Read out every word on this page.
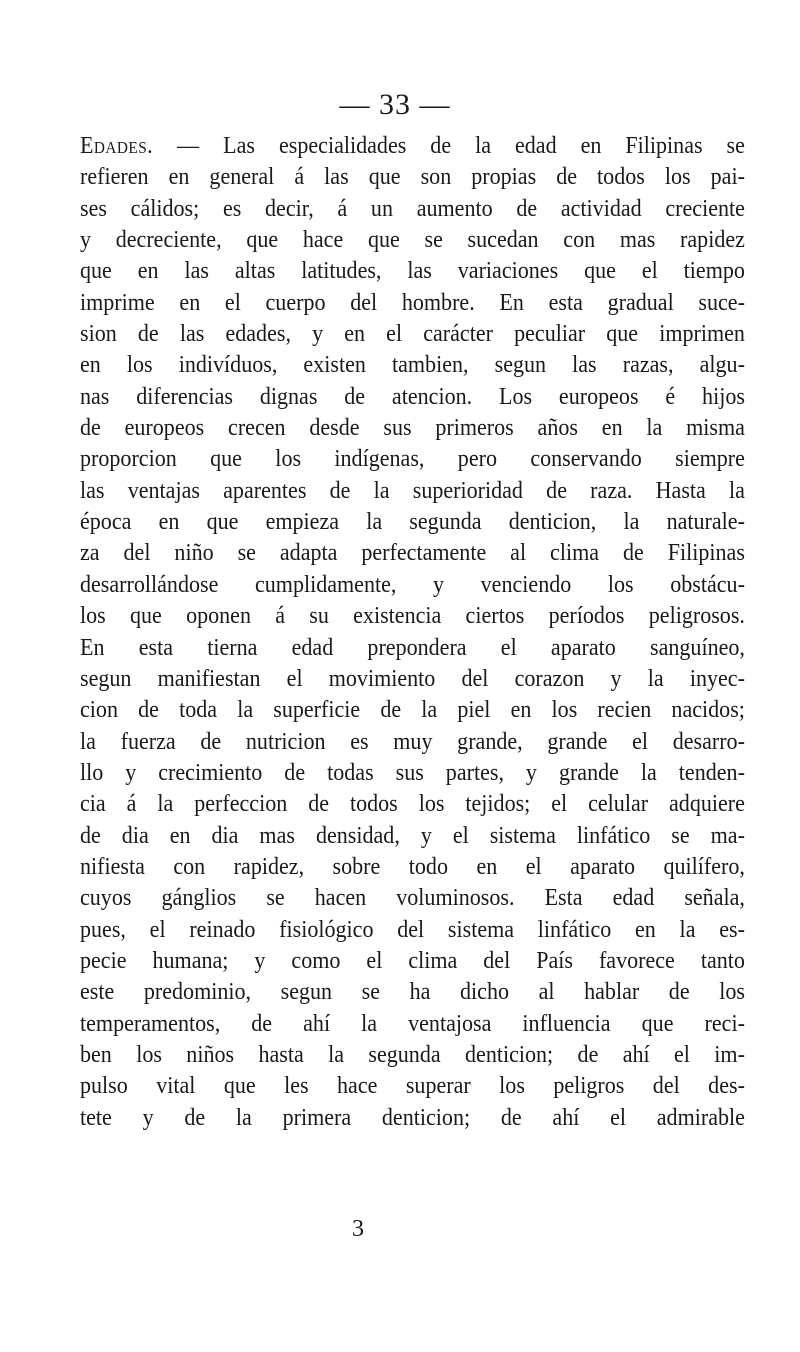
— 33 —
Edades. — Las especialidades de la edad en Filipinas se
refieren en general á las que son propias de todos los pai-
ses cálidos; es decir, á un aumento de actividad creciente
y decreciente, que hace que se sucedan con mas rapidez
que en las altas latitudes, las variaciones que el tiempo
imprime en el cuerpo del hombre. En esta gradual suce-
sion de las edades, y en el carácter peculiar que imprimen
en los indivíduos, existen tambien, segun las razas, algu-
nas diferencias dignas de atencion. Los europeos é hijos
de europeos crecen desde sus primeros años en la misma
proporcion que los indígenas, pero conservando siempre
las ventajas aparentes de la superioridad de raza. Hasta la
época en que empieza la segunda denticion, la naturale-
za del niño se adapta perfectamente al clima de Filipinas
desarrollándose cumplidamente, y venciendo los obstácu-
los que oponen á su existencia ciertos períodos peligrosos.
En esta tierna edad prepondera el aparato sanguíneo,
segun manifiestan el movimiento del corazon y la inyec-
cion de toda la superficie de la piel en los recien nacidos;
la fuerza de nutricion es muy grande, grande el desarro-
llo y crecimiento de todas sus partes, y grande la tenden-
cia á la perfeccion de todos los tejidos; el celular adquiere
de dia en dia mas densidad, y el sistema linfático se ma-
nifiesta con rapidez, sobre todo en el aparato quilífero,
cuyos gánglios se hacen voluminosos. Esta edad señala,
pues, el reinado fisiológico del sistema linfático en la es-
pecie humana; y como el clima del País favorece tanto
este predominio, segun se ha dicho al hablar de los
temperamentos, de ahí la ventajosa influencia que reci-
ben los niños hasta la segunda denticion; de ahí el im-
pulso vital que les hace superar los peligros del des-
tete y de la primera denticion; de ahí el admirable
3
